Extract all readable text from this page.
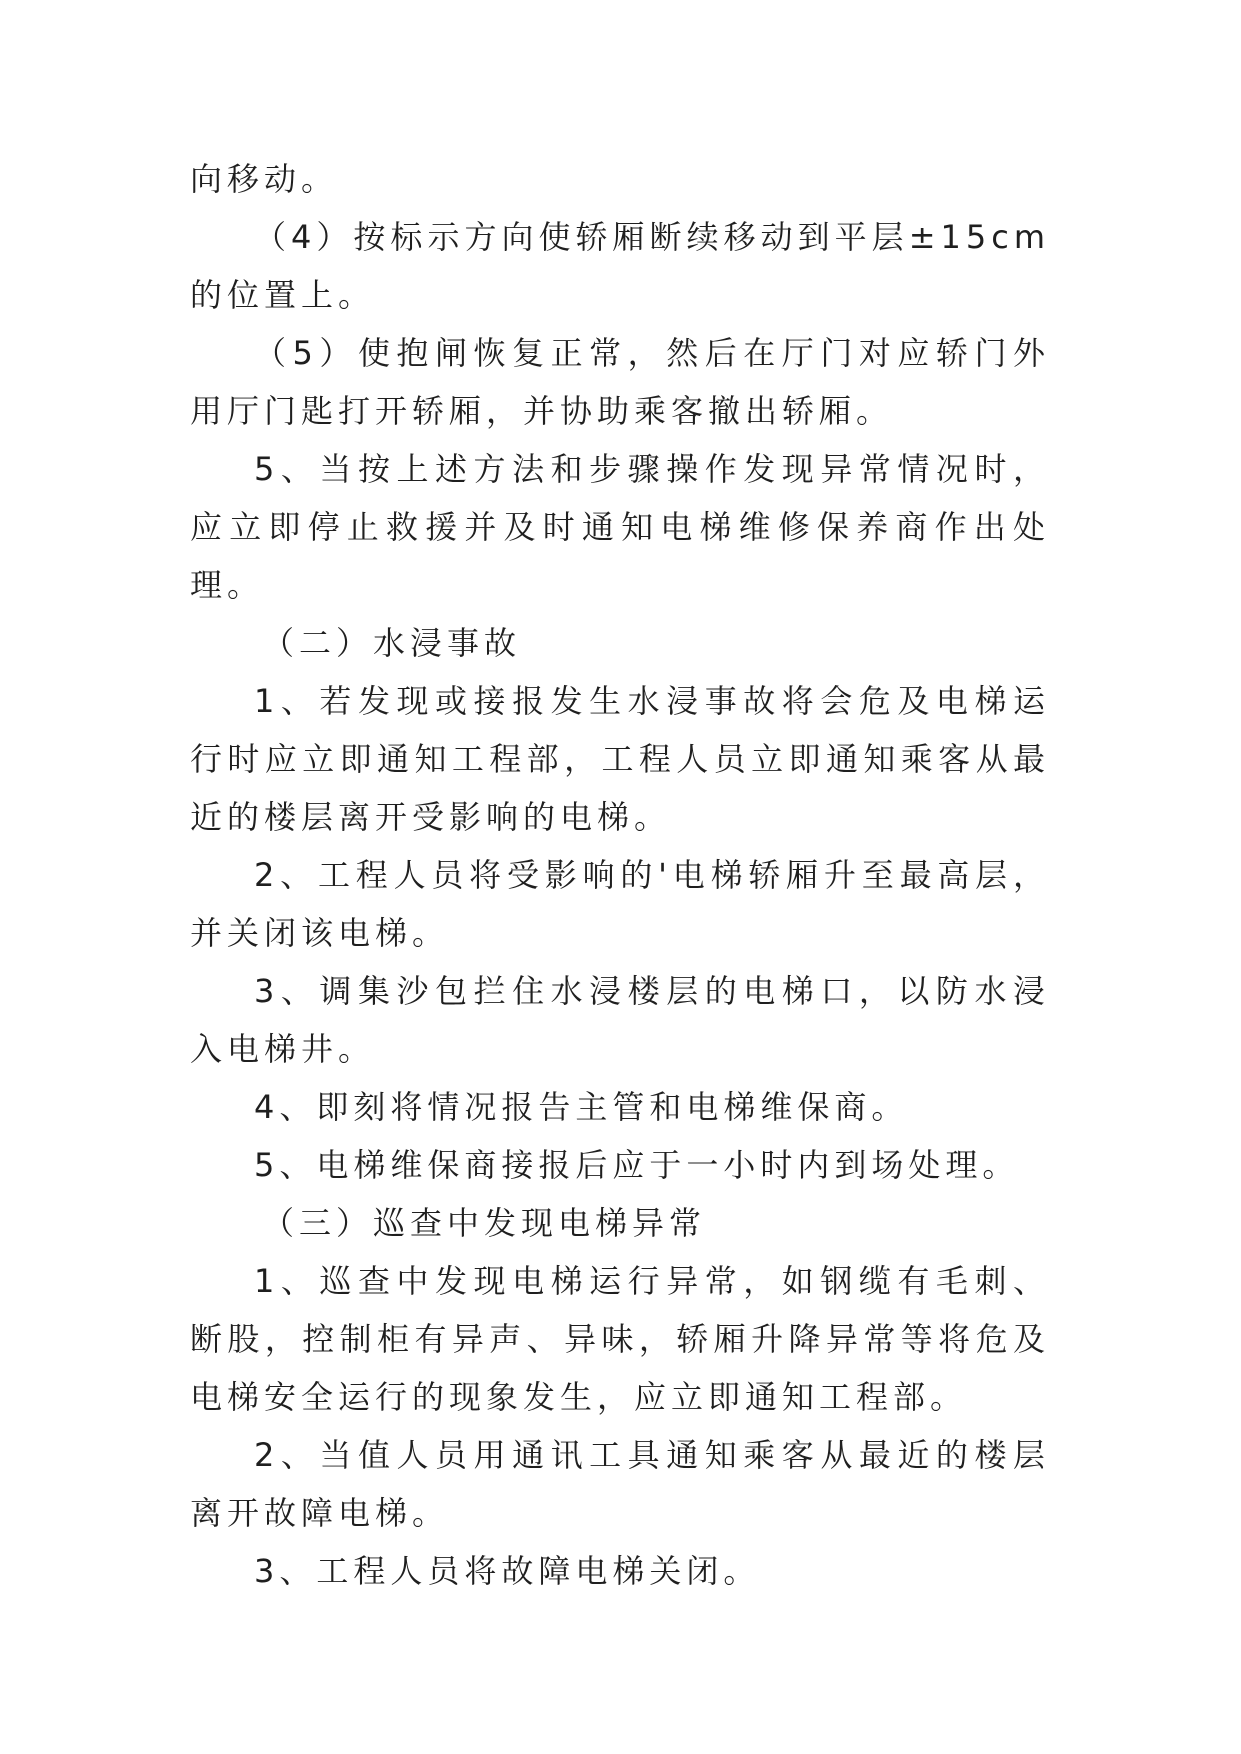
向移动。

（4）按标示方向使轿厢断续移动到平层±15cm的位置上。

（5）使抱闸恢复正常，然后在厅门对应轿门外用厅门匙打开轿厢，并协助乘客撤出轿厢。

5、当按上述方法和步骤操作发现异常情况时，应立即停止救援并及时通知电梯维修保养商作出处理。

（二）水浸事故

1、若发现或接报发生水浸事故将会危及电梯运行时应立即通知工程部，工程人员立即通知乘客从最近的楼层离开受影响的电梯。

2、工程人员将受影响的'电梯轿厢升至最高层，并关闭该电梯。

3、调集沙包拦住水浸楼层的电梯口，以防水浸入电梯井。

4、即刻将情况报告主管和电梯维保商。

5、电梯维保商接报后应于一小时内到场处理。

（三）巡查中发现电梯异常

1、巡查中发现电梯运行异常，如钢缆有毛刺、断股，控制柜有异声、异味，轿厢升降异常等将危及电梯安全运行的现象发生，应立即通知工程部。

2、当值人员用通讯工具通知乘客从最近的楼层离开故障电梯。

3、工程人员将故障电梯关闭。
